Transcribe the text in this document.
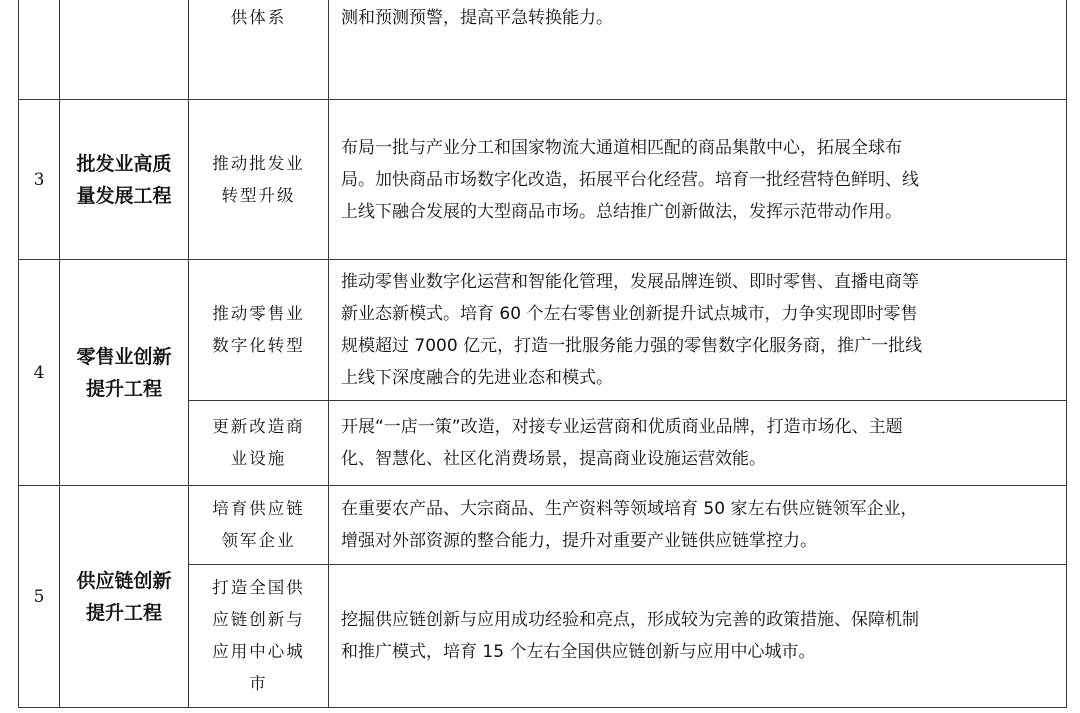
供体系	测和预测预警，提高平急转换能力。
3
批发业高质
量发展工程
推动批发业
转型升级
布局一批与产业分工和国家物流大通道相匹配的商品集散中心，拓展全球布
局。加快商品市场数字化改造，拓展平台化经营。培育一批经营特色鲜明、线
上线下融合发展的大型商品市场。总结推广创新做法，发挥示范带动作用。
4
零售业创新
提升工程
推动零售业
数字化转型
推动零售业数字化运营和智能化管理，发展品牌连锁、即时零售、直播电商等
新业态新模式。培育 60 个左右零售业创新提升试点城市，力争实现即时零售
规模超过 7000 亿元，打造一批服务能力强的零售数字化服务商，推广一批线
上线下深度融合的先进业态和模式。
更新改造商
业设施
开展“一店一策”改造，对接专业运营商和优质商业品牌，打造市场化、主题
化、智慧化、社区化消费场景，提高商业设施运营效能。
5
供应链创新
提升工程
培育供应链
领军企业
在重要农产品、大宗商品、生产资料等领域培育 50 家左右供应链领军企业，
增强对外部资源的整合能力，提升对重要产业链供应链掌控力。
打造全国供
应链创新与
应用中心城
市
挖掘供应链创新与应用成功经验和亮点，形成较为完善的政策措施、保障机制
和推广模式，培育 15 个左右全国供应链创新与应用中心城市。
